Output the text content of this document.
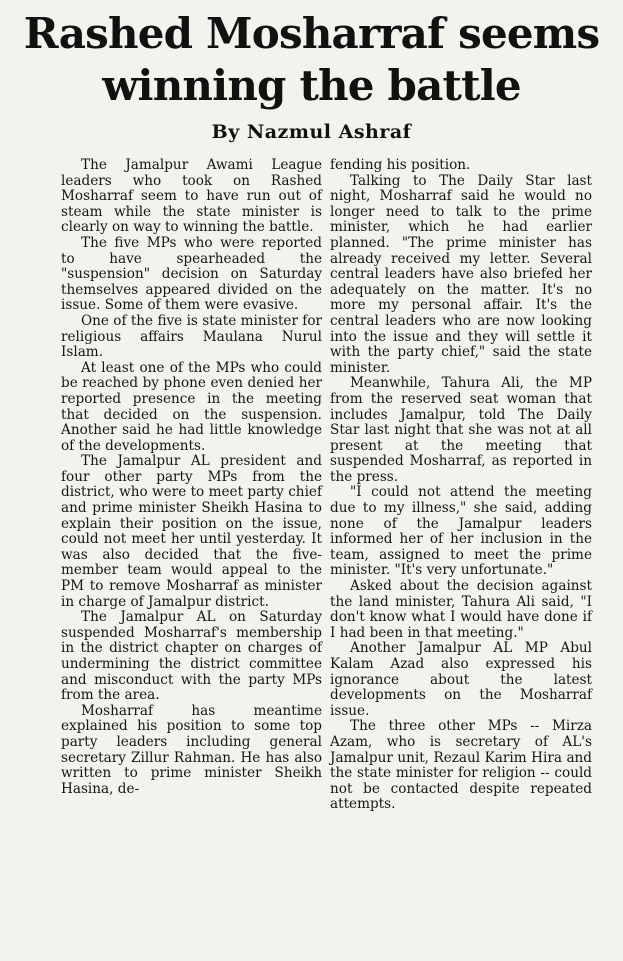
Rashed Mosharraf seems
winning the battle
By Nazmul Ashraf

The Jamalpur Awami League leaders who took on Rashed Mosharraf seem to have run out of steam while the state minister is clearly on way to winning the battle.

The five MPs who were reported to have spearheaded the "suspension" decision on Saturday themselves appeared divided on the issue. Some of them were evasive.

One of the five is state minister for religious affairs Maulana Nurul Islam.

At least one of the MPs who could be reached by phone even denied her reported presence in the meeting that decided on the suspension. Another said he had little knowledge of the developments.

The Jamalpur AL president and four other party MPs from the district, who were to meet party chief and prime minister Sheikh Hasina to explain their position on the issue, could not meet her until yesterday. It was also decided that the five-member team would appeal to the PM to remove Mosharraf as minister in charge of Jamalpur district.

The Jamalpur AL on Saturday suspended Mosharraf's membership in the district chapter on charges of undermining the district committee and misconduct with the party MPs from the area.

Mosharraf has meantime explained his position to some top party leaders including general secretary Zillur Rahman. He has also written to prime minister Sheikh Hasina, de-

fending his position.

Talking to The Daily Star last night, Mosharraf said he would no longer need to talk to the prime minister, which he had earlier planned. "The prime minister has already received my letter. Several central leaders have also briefed her adequately on the matter. It's no more my personal affair. It's the central leaders who are now looking into the issue and they will settle it with the party chief," said the state minister.

Meanwhile, Tahura Ali, the MP from the reserved seat woman that includes Jamalpur, told The Daily Star last night that she was not at all present at the meeting that suspended Mosharraf, as reported in the press.

"I could not attend the meeting due to my illness," she said, adding none of the Jamalpur leaders informed her of her inclusion in the team, assigned to meet the prime minister. "It's very unfortunate."

Asked about the decision against the land minister, Tahura Ali said, "I don't know what I would have done if I had been in that meeting."

Another Jamalpur AL MP Abul Kalam Azad also expressed his ignorance about the latest developments on the Mosharraf issue.

The three other MPs -- Mirza Azam, who is secretary of AL's Jamalpur unit, Rezaul Karim Hira and the state minister for religion -- could not be contacted despite repeated attempts.
